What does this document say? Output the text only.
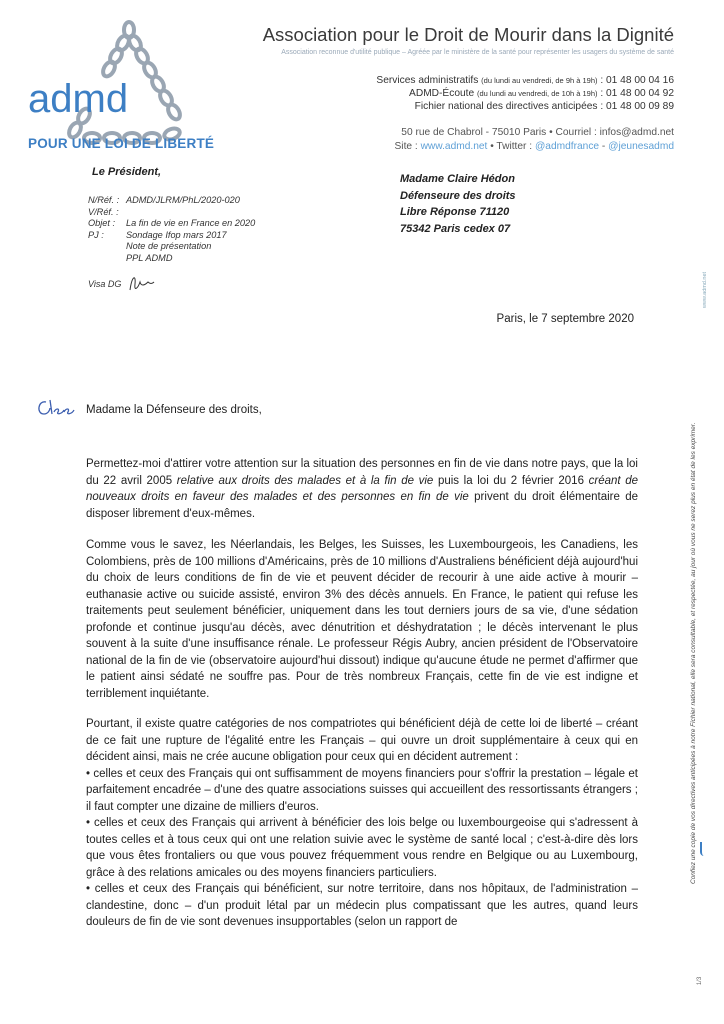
admd
POUR UNE LOI DE LIBERTÉ
Association pour le Droit de Mourir dans la Dignité
Association reconnue d'utilité publique – Agréée par le ministère de la santé pour représenter les usagers du système de santé
Services administratifs (du lundi au vendredi, de 9h à 19h) : 01 48 00 04 16
ADMD-Écoute (du lundi au vendredi, de 10h à 19h) : 01 48 00 04 92
Fichier national des directives anticipées : 01 48 00 09 89
50 rue de Chabrol - 75010 Paris • Courriel : infos@admd.net
Site : www.admd.net • Twitter : @admdfrance - @jeunesadmd
Le Président,
N/Réf. : ADMD/JLRM/PhL/2020-020
V/Réf. :
Objet :	La fin de vie en France en 2020
PJ :	Sondage Ifop mars 2017
Note de présentation
PPL ADMD
Visa DG
Madame Claire Hédon
Défenseure des droits
Libre Réponse 71120
75342 Paris cedex 07
Paris, le 7 septembre 2020
Madame la Défenseure des droits,

Permettez-moi d'attirer votre attention sur la situation des personnes en fin de vie dans notre pays, que la loi du 22 avril 2005 relative aux droits des malades et à la fin de vie puis la loi du 2 février 2016 créant de nouveaux droits en faveur des malades et des personnes en fin de vie privent du droit élémentaire de disposer librement d'eux-mêmes.

Comme vous le savez, les Néerlandais, les Belges, les Suisses, les Luxembourgeois, les Canadiens, les Colombiens, près de 100 millions d'Américains, près de 10 millions d'Australiens bénéficient déjà aujourd'hui du choix de leurs conditions de fin de vie et peuvent décider de recourir à une aide active à mourir – euthanasie active ou suicide assisté, environ 3% des décès annuels. En France, le patient qui refuse les traitements peut seulement bénéficier, uniquement dans les tout derniers jours de sa vie, d'une sédation profonde et continue jusqu'au décès, avec dénutrition et déshydratation ; le décès intervenant le plus souvent à la suite d'une insuffisance rénale. Le professeur Régis Aubry, ancien président de l'Observatoire national de la fin de vie (observatoire aujourd'hui dissout) indique qu'aucune étude ne permet d'affirmer que le patient ainsi sédaté ne souffre pas. Pour de très nombreux Français, cette fin de vie est indigne et terriblement inquiétante.

Pourtant, il existe quatre catégories de nos compatriotes qui bénéficient déjà de cette loi de liberté – créant de ce fait une rupture de l'égalité entre les Français – qui ouvre un droit supplémentaire à ceux qui en décident ainsi, mais ne crée aucune obligation pour ceux qui en décident autrement :

• celles et ceux des Français qui ont suffisamment de moyens financiers pour s'offrir la prestation – légale et parfaitement encadrée – d'une des quatre associations suisses qui accueillent des ressortissants étrangers ; il faut compter une dizaine de milliers d'euros.

• celles et ceux des Français qui arrivent à bénéficier des lois belge ou luxembourgeoise qui s'adressent à toutes celles et à tous ceux qui ont une relation suivie avec le système de santé local ; c'est-à-dire dès lors que vous êtes frontaliers ou que vous pouvez fréquemment vous rendre en Belgique ou au Luxembourg, grâce à des relations amicales ou des moyens financiers particuliers.

• celles et ceux des Français qui bénéficient, sur notre territoire, dans nos hôpitaux, de l'administration – clandestine, donc – d'un produit létal par un médecin plus compatissant que les autres, quand leurs douleurs de fin de vie sont devenues insupportables (selon un rapport de

www.admd.net
Confiez une copie de vos directives anticipées à notre Fichier national, elle sera consultable, et respectée, au jour où vous ne serez plus en état de les exprimer.
1/3
